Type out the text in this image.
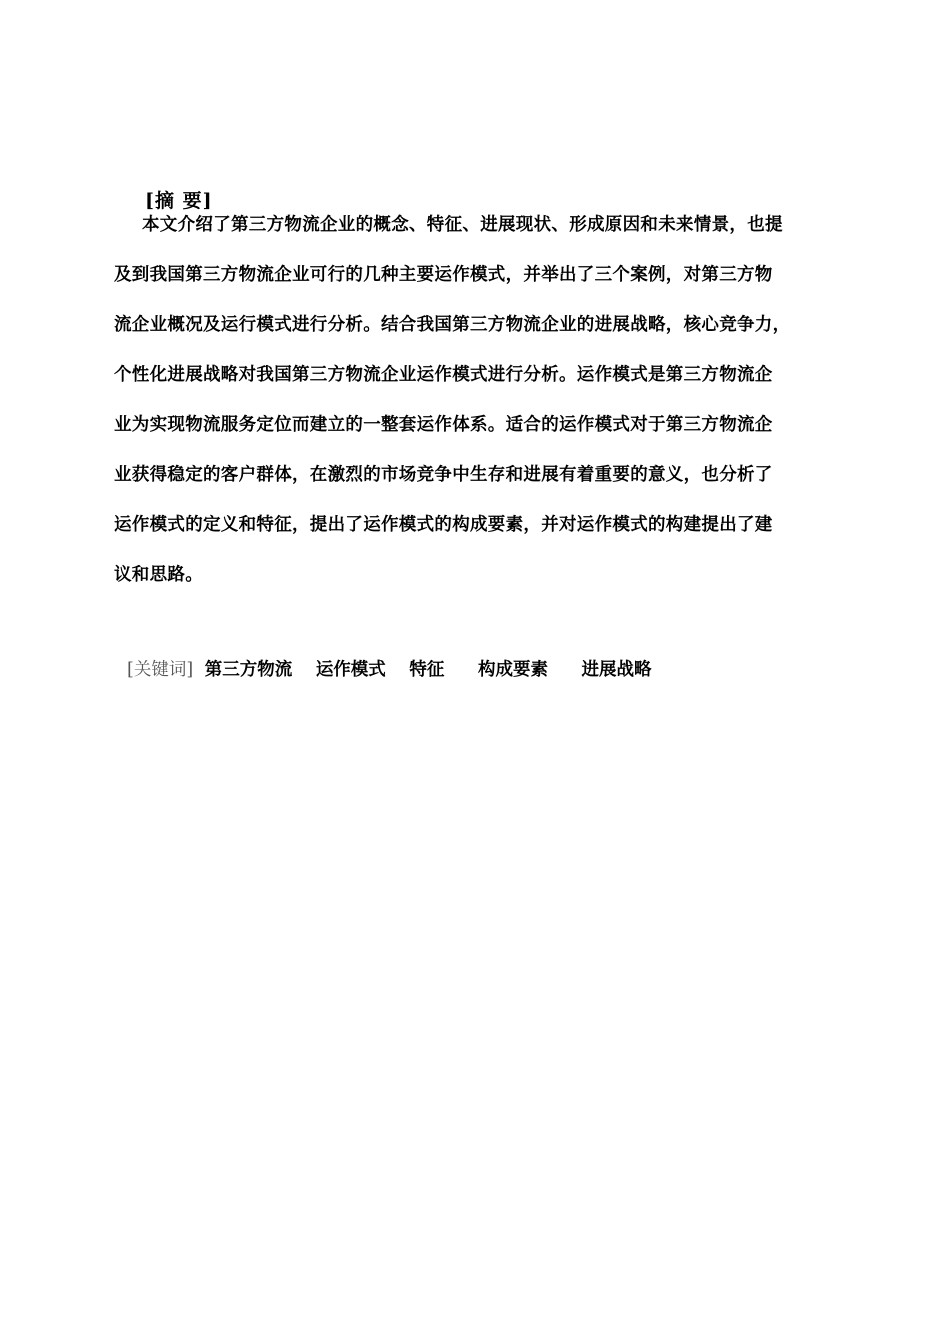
[摘 要]
本文介绍了第三方物流企业的概念、特征、进展现状、形成原因和未来情景，也提
及到我国第三方物流企业可行的几种主要运作模式，并举出了三个案例，对第三方物
流企业概况及运行模式进行分析。结合我国第三方物流企业的进展战略，核心竞争力，
个性化进展战略对我国第三方物流企业运作模式进行分析。运作模式是第三方物流企
业为实现物流服务定位而建立的一整套运作体系。适合的运作模式对于第三方物流企
业获得稳定的客户群体，在激烈的市场竞争中生存和进展有着重要的意义，也分析了
运作模式的定义和特征，提出了运作模式的构成要素，并对运作模式的构建提出了建
议和思路。
[关键词] 第三方物流 运作模式 特征 构成要素 进展战略
